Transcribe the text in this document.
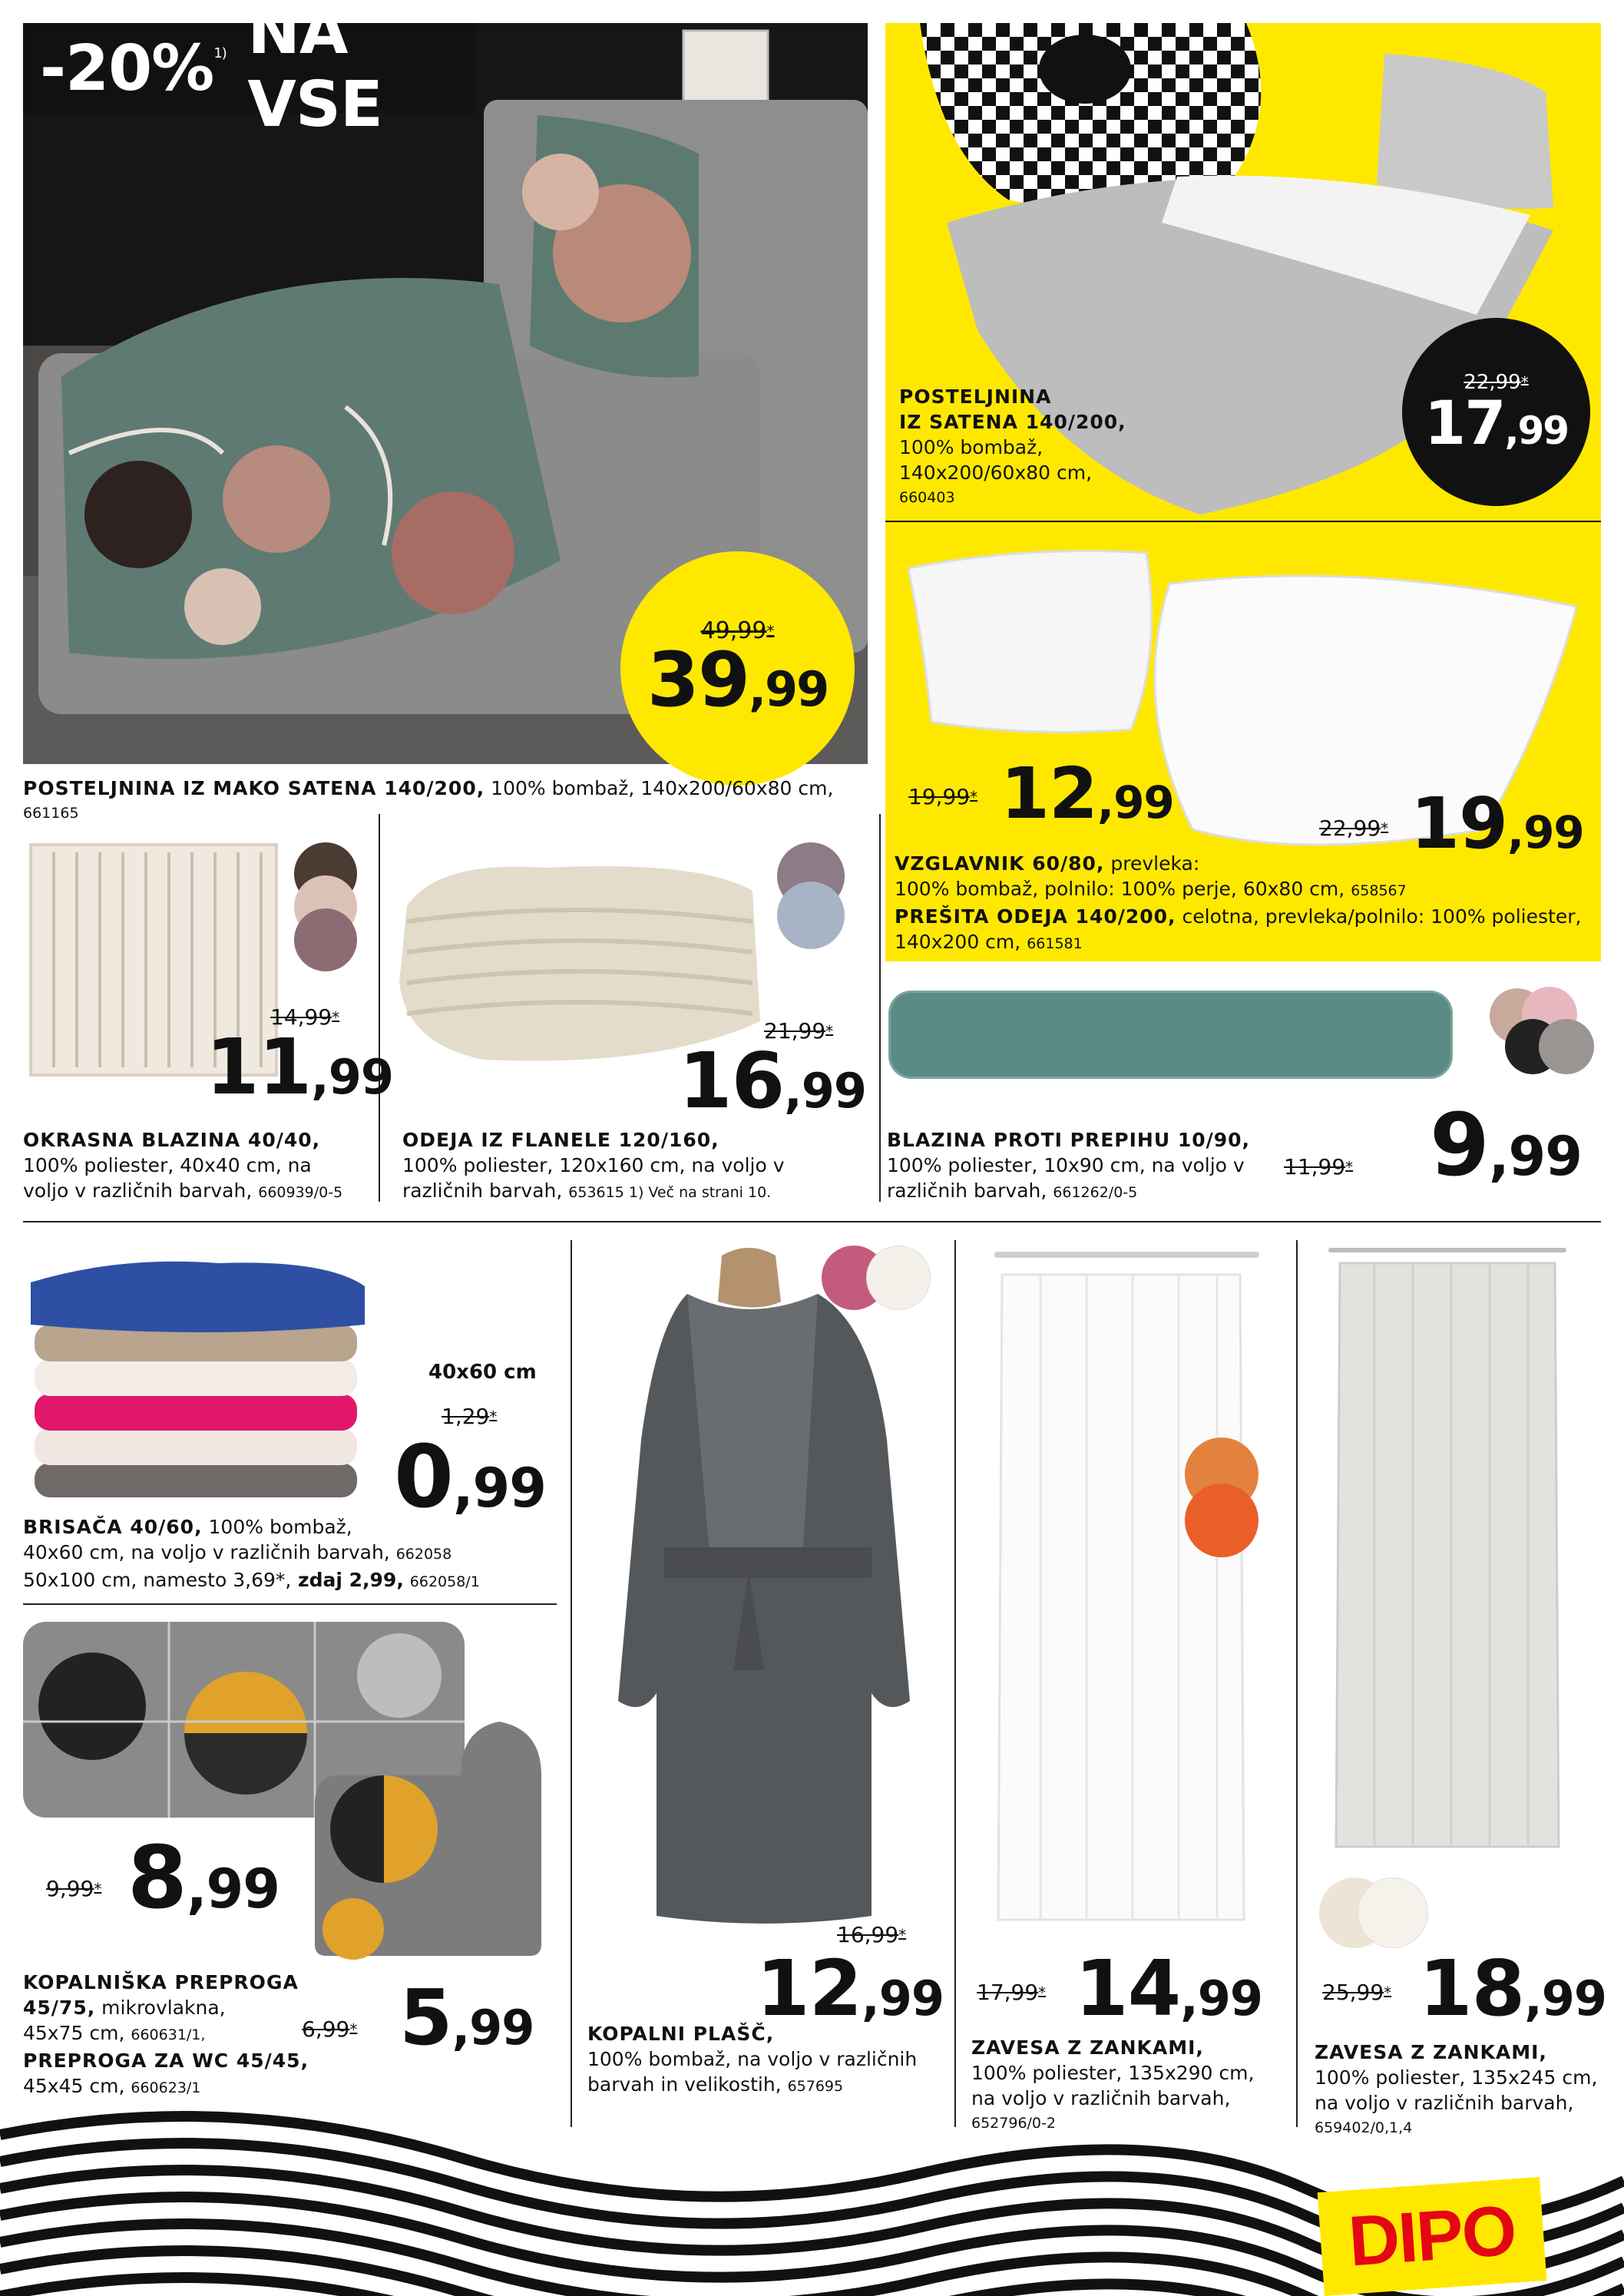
-20%$^{1)}$
NA VSE
49,99*
39,99
POSTELJNINA
IZ SATENA 140/200,
100% bombaž,
140x200/60x80 cm,
660403
22,99*
17,99
19,99* 12,99	22,99* 19,99
VZGLAVNIK 60/80, prevleka:
100% bombaž, polnilo: 100% perje, 60x80 cm, 658567
PREŠITA ODEJA 140/200, celotna, prevleka/polnilo: 100% poliester,
140x200 cm, 661581
POSTELJNINA IZ MAKO SATENA 140/200, 100% bombaž, 140x200/60x80 cm,
661165
14,99*
11,99
OKRASNA BLAZINA 40/40,
100% poliester, 40x40 cm, na
voljo v različnih barvah, 660939/0-5
21,99*
16,99
ODEJA IZ FLANELE 120/160,
100% poliester, 120x160 cm, na voljo v
različnih barvah, 653615 1) Več na strani 10.
11,99* 9,99
BLAZINA PROTI PREPIHU 10/90,
100% poliester, 10x90 cm, na voljo v
različnih barvah, 661262/0-5
40x60 cm
1,29*
0,99
BRISAČA 40/60, 100% bombaž,
40x60 cm, na voljo v različnih barvah, 662058
50x100 cm, namesto 3,69*, zdaj 2,99, 662058/1
9,99* 8,99
6,99* 5,99
KOPALNIŠKA PREPROGA
45/75, mikrovlakna,
45x75 cm, 660631/1,
PREPROGA ZA WC 45/45,
45x45 cm, 660623/1
16,99*
12,99
KOPALNI PLAŠČ,
100% bombaž, na voljo v različnih
barvah in velikostih, 657695
17,99* 14,99
ZAVESA Z ZANKAMI,
100% poliester, 135x290 cm,
na voljo v različnih barvah,
652796/0-2
25,99* 18,99
ZAVESA Z ZANKAMI,
100% poliester, 135x245 cm,
na voljo v različnih barvah,
659402/0,1,4
DIPO
